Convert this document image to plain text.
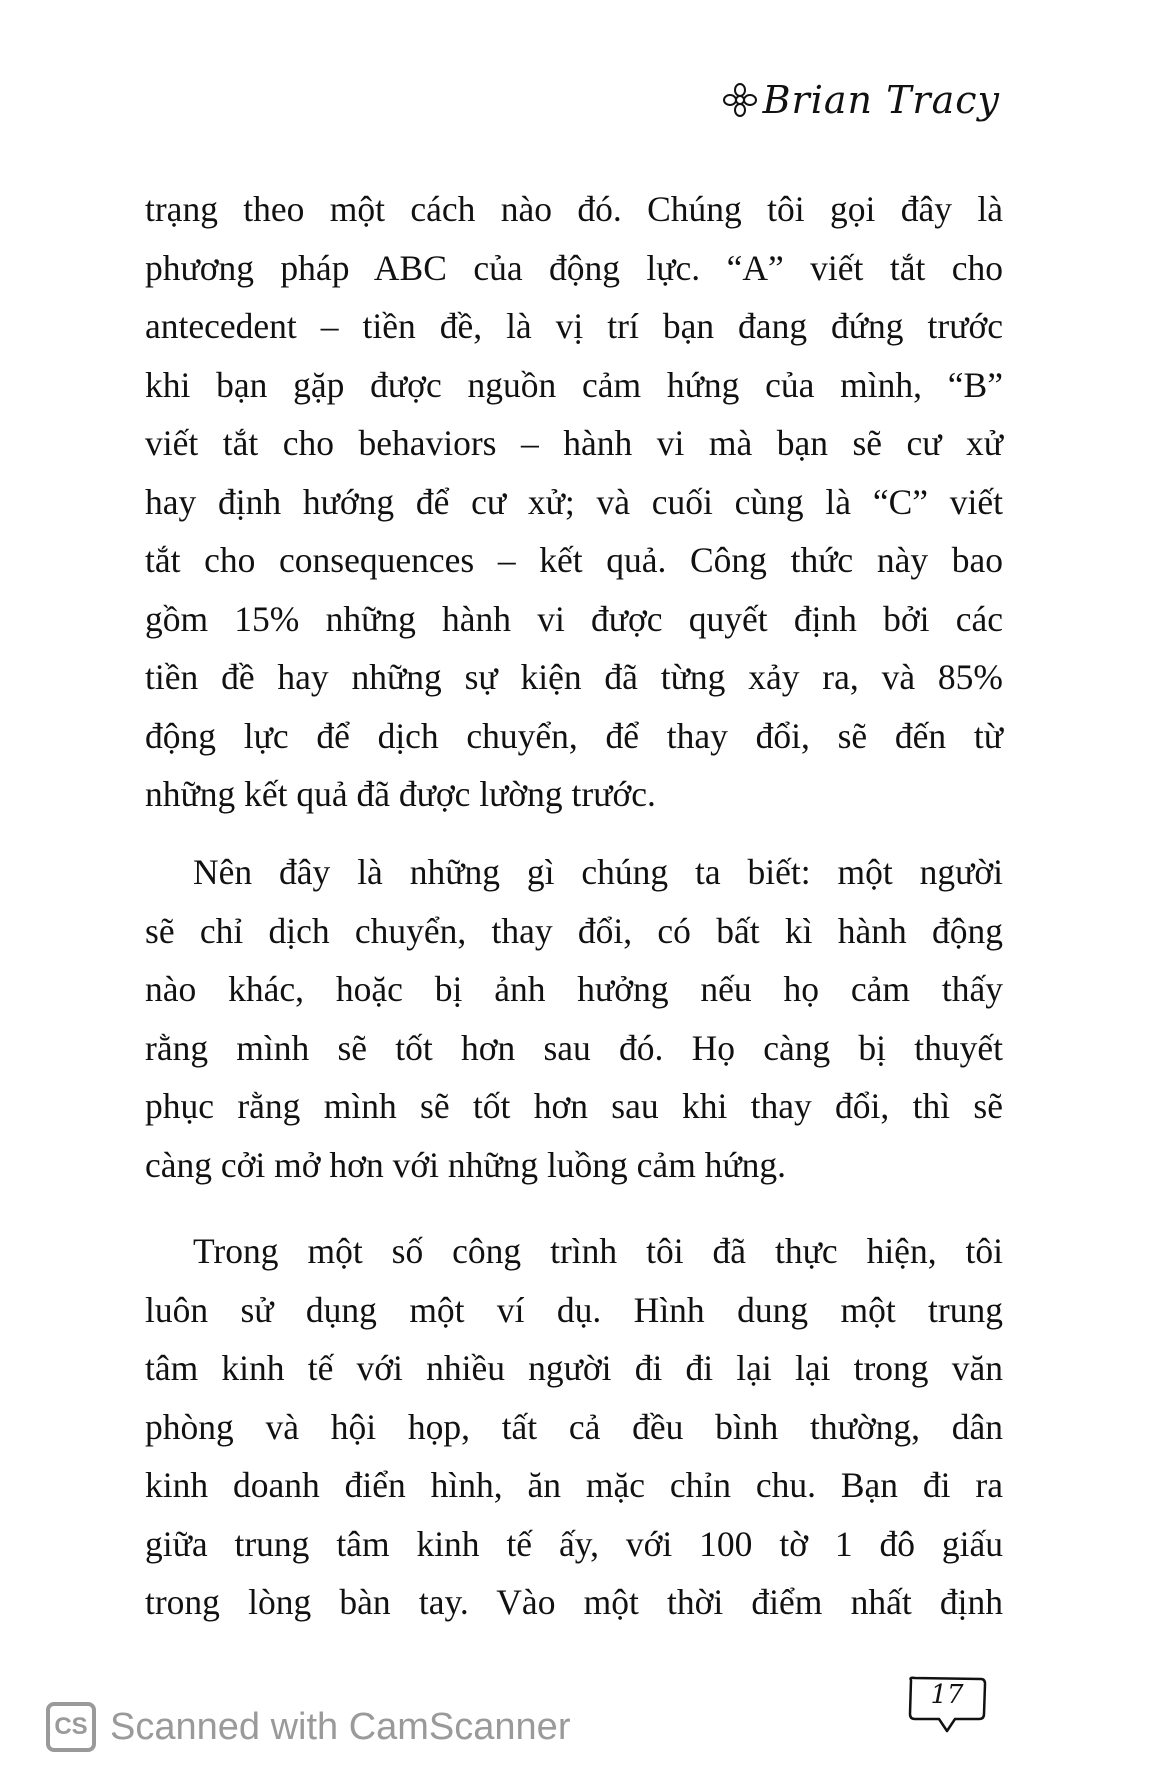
Brian Tracy
trạng theo một cách nào đó. Chúng tôi gọi đây là
phương pháp ABC của động lực. “A” viết tắt cho
antecedent – tiền đề, là vị trí bạn đang đứng trước
khi bạn gặp được nguồn cảm hứng của mình, “B”
viết tắt cho behaviors – hành vi mà bạn sẽ cư xử
hay định hướng để cư xử; và cuối cùng là “C” viết
tắt cho consequences – kết quả. Công thức này bao
gồm 15% những hành vi được quyết định bởi các
tiền đề hay những sự kiện đã từng xảy ra, và 85%
động lực để dịch chuyển, để thay đổi, sẽ đến từ
những kết quả đã được lường trước.
Nên đây là những gì chúng ta biết: một người
sẽ chỉ dịch chuyển, thay đổi, có bất kì hành động
nào khác, hoặc bị ảnh hưởng nếu họ cảm thấy
rằng mình sẽ tốt hơn sau đó. Họ càng bị thuyết
phục rằng mình sẽ tốt hơn sau khi thay đổi, thì sẽ
càng cởi mở hơn với những luồng cảm hứng.
Trong một số công trình tôi đã thực hiện, tôi
luôn sử dụng một ví dụ. Hình dung một trung
tâm kinh tế với nhiều người đi đi lại lại trong văn
phòng và hội họp, tất cả đều bình thường, dân
kinh doanh điển hình, ăn mặc chỉn chu. Bạn đi ra
giữa trung tâm kinh tế ấy, với 100 tờ 1 đô giấu
trong lòng bàn tay. Vào một thời điểm nhất định
17
CS Scanned with CamScanner
